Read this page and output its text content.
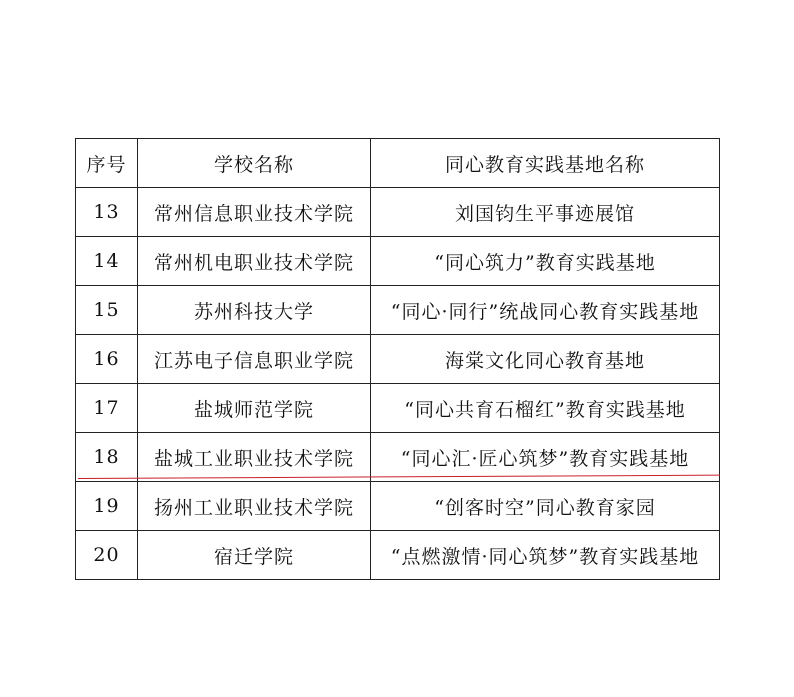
序号	学校名称	同心教育实践基地名称
13	常州信息职业技术学院	刘国钧生平事迹展馆
14	常州机电职业技术学院	“同心筑力”教育实践基地
15	苏州科技大学	“同心·同行”统战同心教育实践基地
16	江苏电子信息职业学院	海棠文化同心教育基地
17	盐城师范学院	“同心共育石榴红”教育实践基地
18	盐城工业职业技术学院	“同心汇·匠心筑梦”教育实践基地
19	扬州工业职业技术学院	“创客时空”同心教育家园
20	宿迁学院	“点燃激情·同心筑梦”教育实践基地
